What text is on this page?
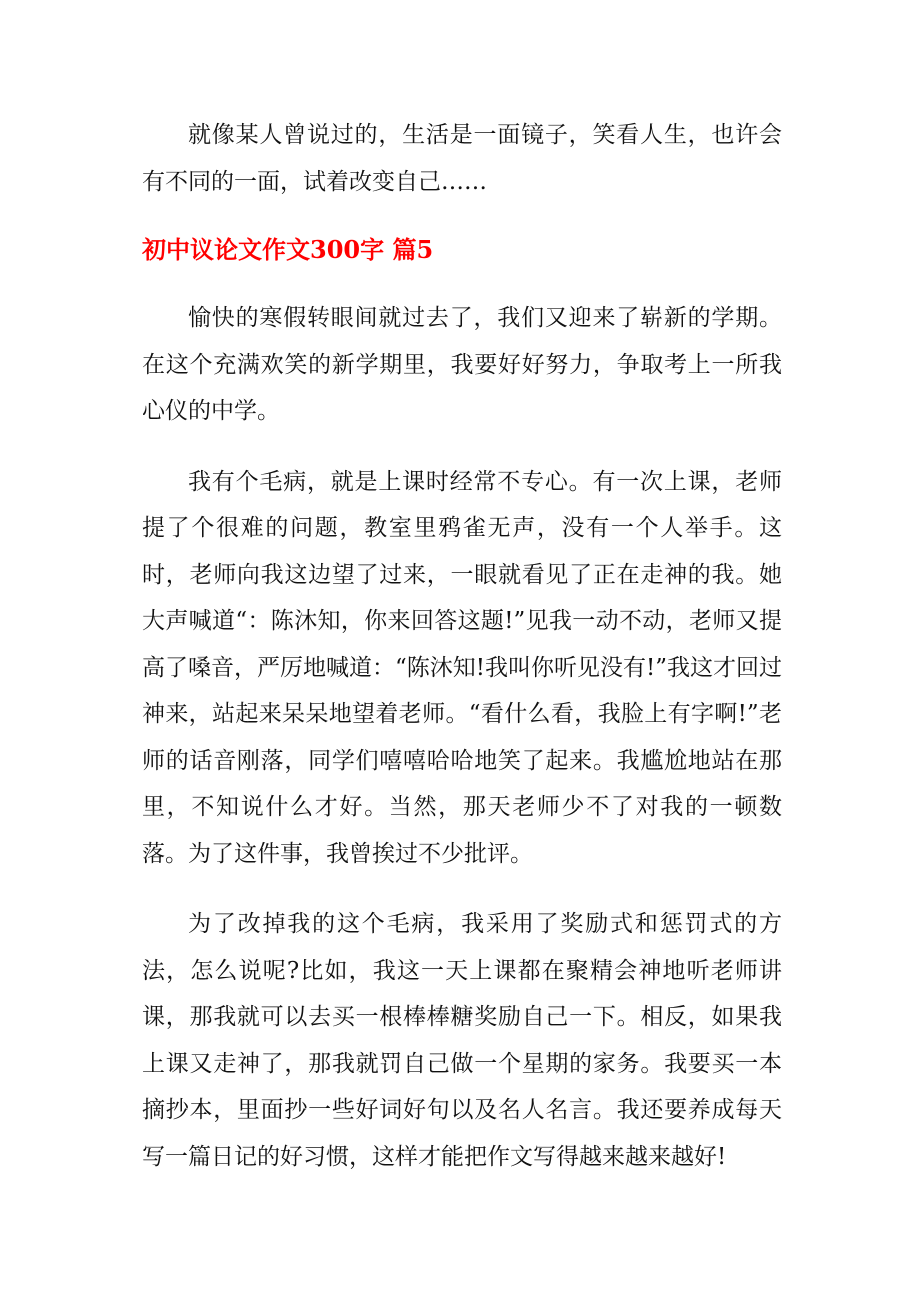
就像某人曾说过的，生活是一面镜子，笑看人生，也许会有不同的一面，试着改变自己……

初中议论文作文300字 篇5

愉快的寒假转眼间就过去了，我们又迎来了崭新的学期。在这个充满欢笑的新学期里，我要好好努力，争取考上一所我心仪的中学。

我有个毛病，就是上课时经常不专心。有一次上课，老师提了个很难的问题，教室里鸦雀无声，没有一个人举手。这时，老师向我这边望了过来，一眼就看见了正在走神的我。她大声喊道“：陈沐知，你来回答这题!”见我一动不动，老师又提高了嗓音，严厉地喊道：“陈沐知!我叫你听见没有!”我这才回过神来，站起来呆呆地望着老师。“看什么看，我脸上有字啊!”老师的话音刚落，同学们嘻嘻哈哈地笑了起来。我尴尬地站在那里，不知说什么才好。当然，那天老师少不了对我的一顿数落。为了这件事，我曾挨过不少批评。

为了改掉我的这个毛病，我采用了奖励式和惩罚式的方法，怎么说呢?比如，我这一天上课都在聚精会神地听老师讲课，那我就可以去买一根棒棒糖奖励自己一下。相反，如果我上课又走神了，那我就罚自己做一个星期的家务。我要买一本摘抄本，里面抄一些好词好句以及名人名言。我还要养成每天写一篇日记的好习惯，这样才能把作文写得越来越来越好!
